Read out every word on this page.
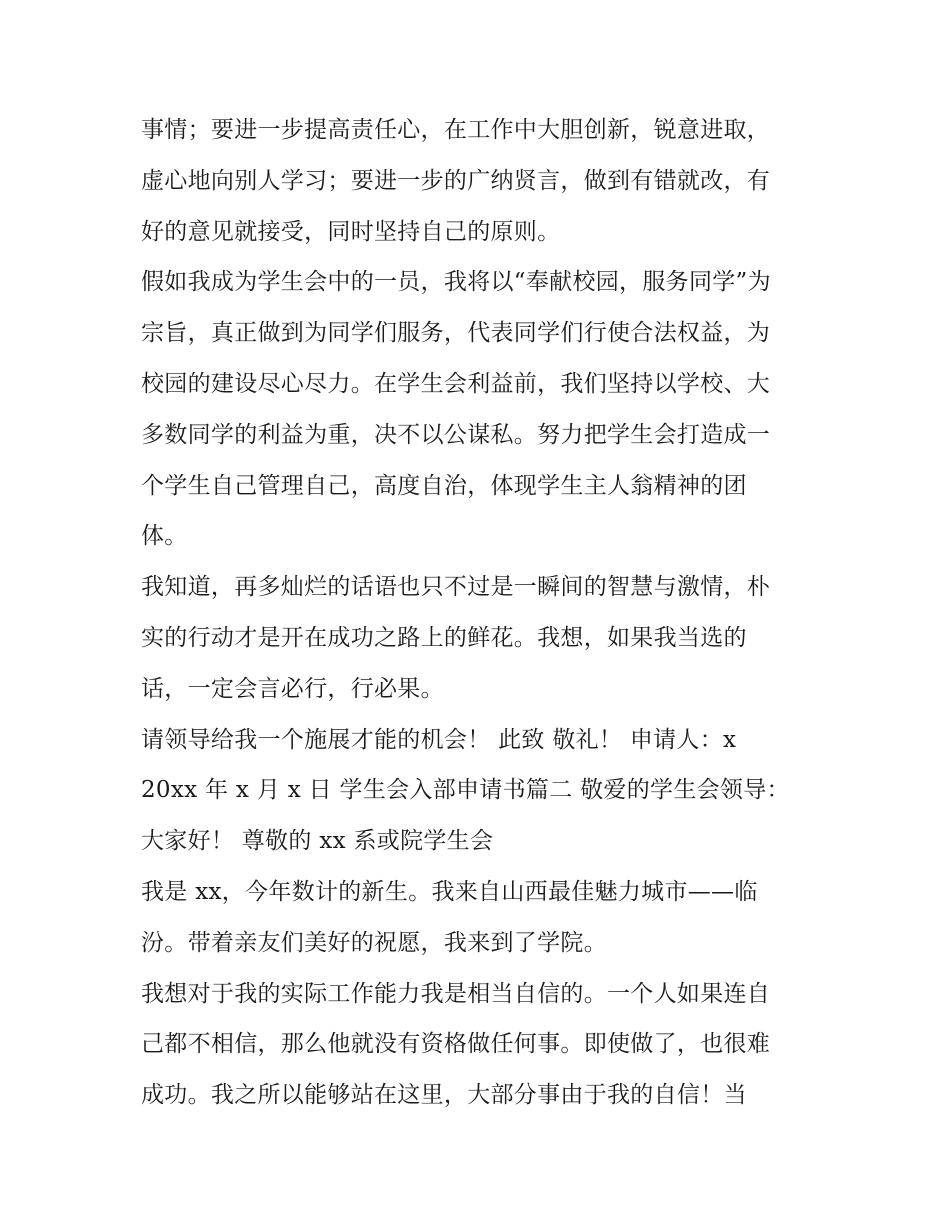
事情；要进一步提高责任心，在工作中大胆创新，锐意进取，
虚心地向别人学习；要进一步的广纳贤言，做到有错就改，有
好的意见就接受，同时坚持自己的原则。
假如我成为学生会中的一员，我将以“奉献校园，服务同学”为
宗旨，真正做到为同学们服务，代表同学们行使合法权益，为
校园的建设尽心尽力。在学生会利益前，我们坚持以学校、大
多数同学的利益为重，决不以公谋私。努力把学生会打造成一
个学生自己管理自己，高度自治，体现学生主人翁精神的团
体。
我知道，再多灿烂的话语也只不过是一瞬间的智慧与激情，朴
实的行动才是开在成功之路上的鲜花。我想，如果我当选的
话，一定会言必行，行必果。
请领导给我一个施展才能的机会！ 此致 敬礼！ 申请人：x
20xx 年 x 月 x 日 学生会入部申请书篇二 敬爱的学生会领导：
大家好！ 尊敬的 xx 系或院学生会
我是 xx，今年数计的新生。我来自山西最佳魅力城市——临
汾。带着亲友们美好的祝愿，我来到了学院。
我想对于我的实际工作能力我是相当自信的。一个人如果连自
己都不相信，那么他就没有资格做任何事。即使做了，也很难
成功。我之所以能够站在这里，大部分事由于我的自信！当
